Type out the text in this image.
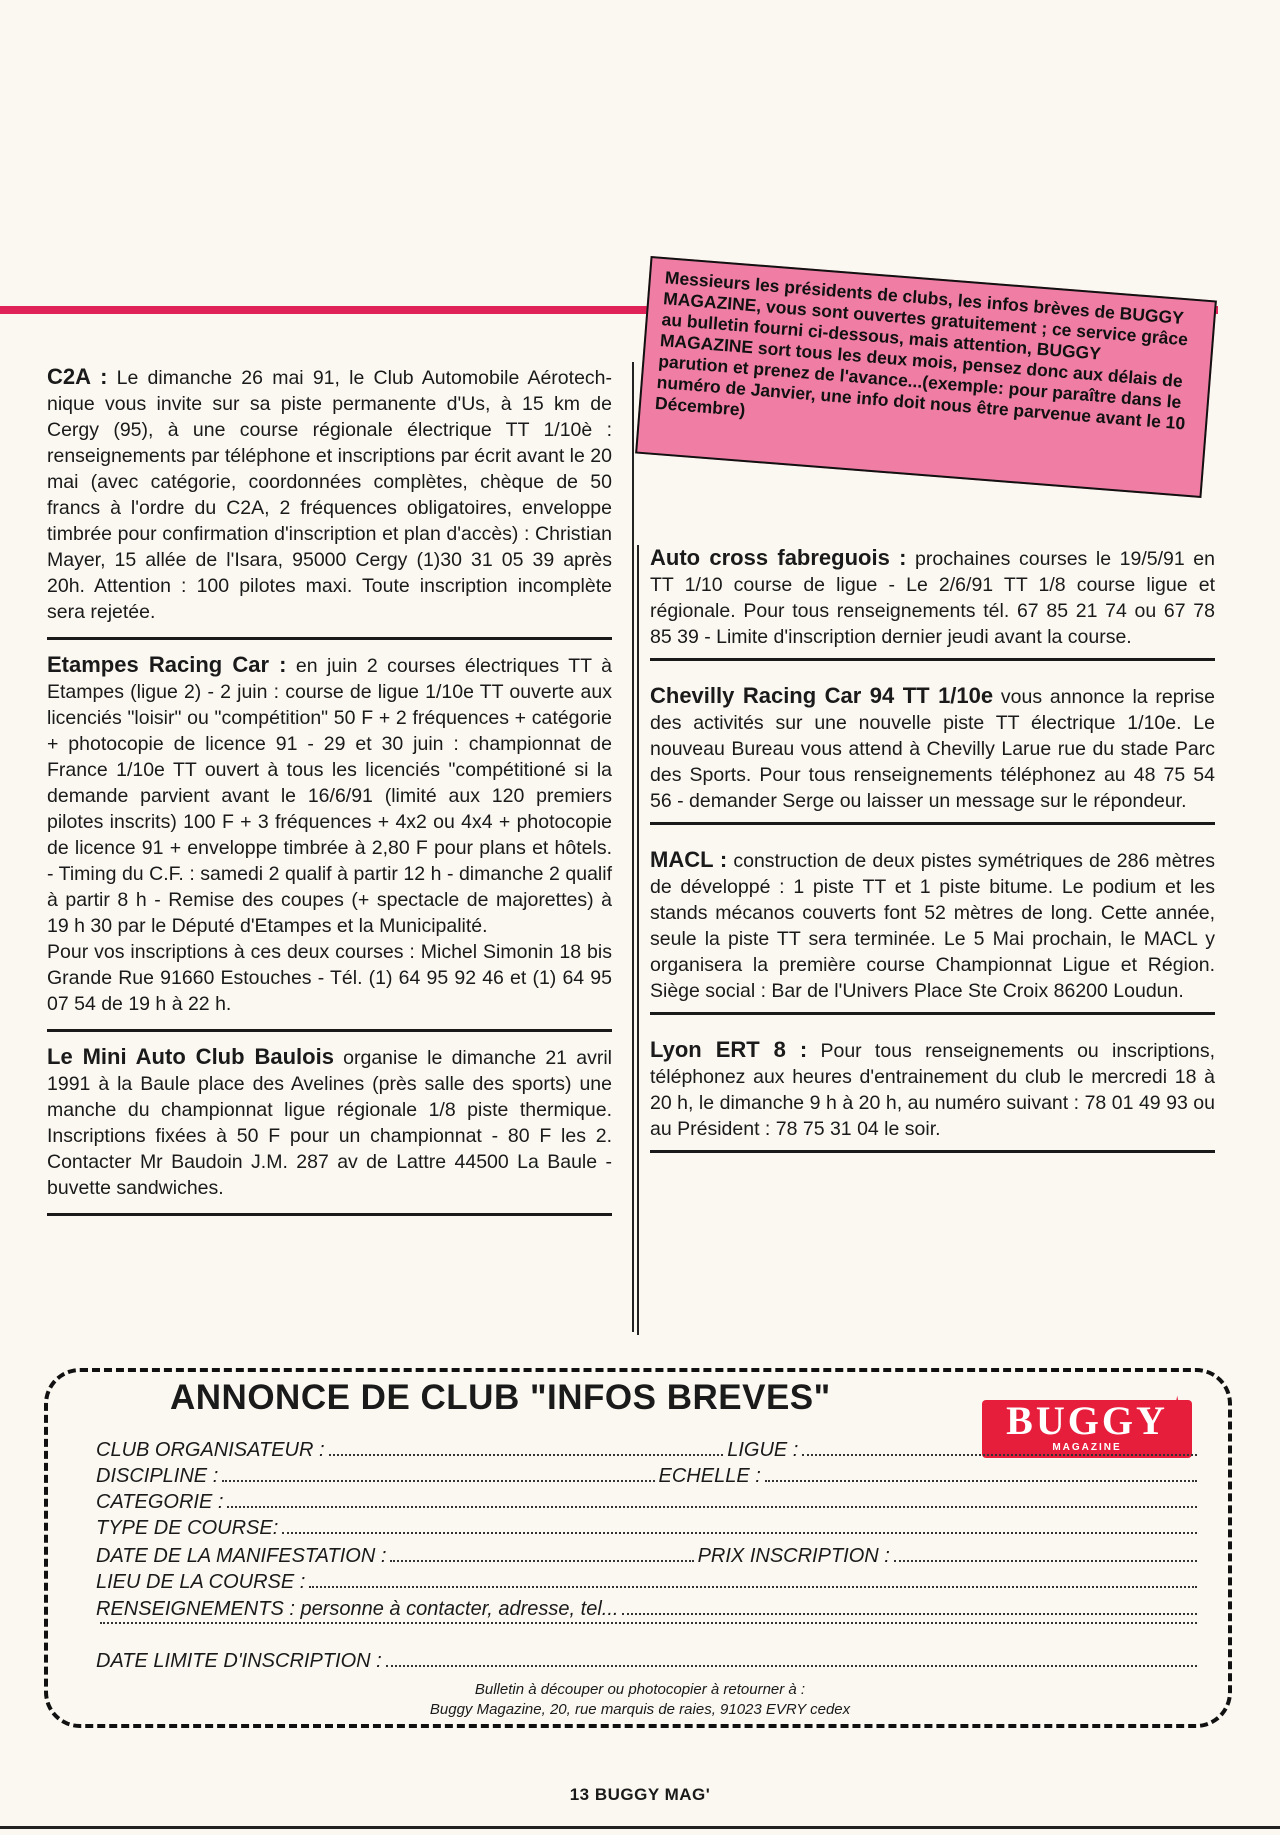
Messieurs les présidents de clubs, les infos brèves de BUGGY MAGAZINE, vous sont ouvertes gratuitement ; ce service grâce au bulletin fourni ci-dessous, mais attention, BUGGY MAGAZINE sort tous les deux mois, pensez donc aux délais de parution et prenez de l'avance...(exemple: pour paraître dans le numéro de Janvier, une info doit nous être parvenue avant le 10 Décembre)

C2A : Le dimanche 26 mai 91, le Club Automobile Aérotech-nique vous invite sur sa piste permanente d'Us, à 15 km de Cergy (95), à une course régionale électrique TT 1/10è : renseignements par téléphone et inscriptions par écrit avant le 20 mai (avec catégorie, coordonnées complètes, chèque de 50 francs à l'ordre du C2A, 2 fréquences obligatoires, enveloppe timbrée pour confirmation d'inscription et plan d'accès) : Christian Mayer, 15 allée de l'Isara, 95000 Cergy (1)30 31 05 39 après 20h. Attention : 100 pilotes maxi. Toute inscription incomplète sera rejetée.

Etampes Racing Car : en juin 2 courses électriques TT à Etampes (ligue 2) - 2 juin : course de ligue 1/10e TT ouverte aux licenciés "loisir" ou "compétition" 50 F + 2 fréquences + catégorie + photocopie de licence 91 - 29 et 30 juin : championnat de France 1/10e TT ouvert à tous les licenciés "compétitioné si la demande parvient avant le 16/6/91 (limité aux 120 premiers pilotes inscrits) 100 F + 3 fréquences + 4x2 ou 4x4 + photocopie de licence 91 + enveloppe timbrée à 2,80 F pour plans et hôtels. - Timing du C.F. : samedi 2 qualif à partir 12 h - dimanche 2 qualif à partir 8 h - Remise des coupes (+ spectacle de majorettes) à 19 h 30 par le Député d'Etampes et la Municipalité.

Pour vos inscriptions à ces deux courses : Michel Simonin 18 bis Grande Rue 91660 Estouches - Tél. (1) 64 95 92 46 et (1) 64 95 07 54 de 19 h à 22 h.

Le Mini Auto Club Baulois organise le dimanche 21 avril 1991 à la Baule place des Avelines (près salle des sports) une manche du championnat ligue régionale 1/8 piste thermique. Inscriptions fixées à 50 F pour un championnat - 80 F les 2. Contacter Mr Baudoin J.M. 287 av de Lattre 44500 La Baule - buvette sandwiches.

Auto cross fabreguois : prochaines courses le 19/5/91 en TT 1/10 course de ligue - Le 2/6/91 TT 1/8 course ligue et régionale. Pour tous renseignements tél. 67 85 21 74 ou 67 78 85 39 - Limite d'inscription dernier jeudi avant la course.

Chevilly Racing Car 94 TT 1/10e vous annonce la reprise des activités sur une nouvelle piste TT électrique 1/10e. Le nouveau Bureau vous attend à Chevilly Larue rue du stade Parc des Sports. Pour tous renseignements téléphonez au 48 75 54 56 - demander Serge ou laisser un message sur le répondeur.

MACL : construction de deux pistes symétriques de 286 mètres de développé : 1 piste TT et 1 piste bitume. Le podium et les stands mécanos couverts font 52 mètres de long. Cette année, seule la piste TT sera terminée. Le 5 Mai prochain, le MACL y organisera la première course Championnat Ligue et Région. Siège social : Bar de l'Univers Place Ste Croix 86200 Loudun.

Lyon ERT 8 : Pour tous renseignements ou inscriptions, téléphonez aux heures d'entrainement du club le mercredi 18 à 20 h, le dimanche 9 h à 20 h, au numéro suivant : 78 01 49 93 ou au Président : 78 75 31 04 le soir.

ANNONCE DE CLUB "INFOS BREVES"
BUGGY
MAGAZINE
✶
CLUB ORGANISATEUR :	LIGUE :
DISCIPLINE :	ECHELLE :
CATEGORIE :
TYPE DE COURSE:
DATE DE LA MANIFESTATION :	PRIX INSCRIPTION :
LIEU DE LA COURSE :
RENSEIGNEMENTS : personne à contacter, adresse, tel...
DATE LIMITE D'INSCRIPTION :
Bulletin à découper ou photocopier à retourner à :
Buggy Magazine, 20, rue marquis de raies, 91023 EVRY cedex
13 BUGGY MAG'
